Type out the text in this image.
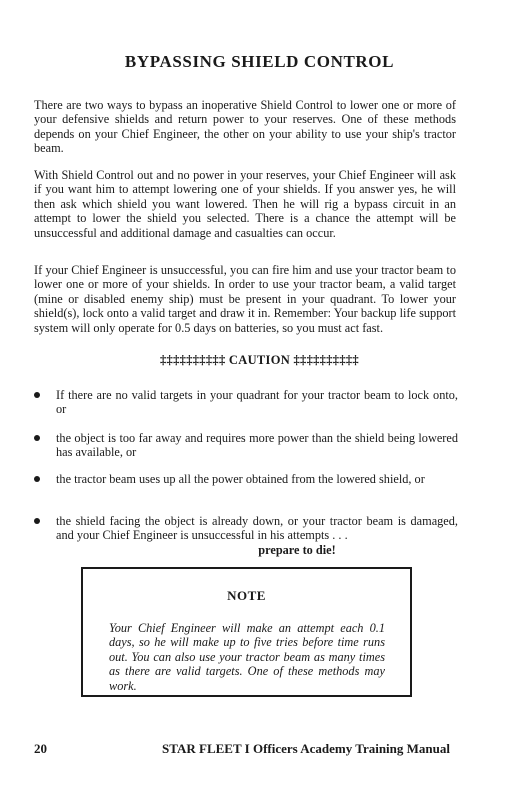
BYPASSING SHIELD CONTROL

There are two ways to bypass an inoperative Shield Control to lower one or more of your defensive shields and return power to your reserves. One of these methods depends on your Chief Engineer, the other on your ability to use your ship's tractor beam.

With Shield Control out and no power in your reserves, your Chief Engineer will ask if you want him to attempt lowering one of your shields. If you answer yes, he will then ask which shield you want lowered. Then he will rig a bypass circuit in an attempt to lower the shield you selected. There is a chance the attempt will be unsuccessful and additional damage and casualties can occur.

If your Chief Engineer is unsuccessful, you can fire him and use your tractor beam to lower one or more of your shields. In order to use your tractor beam, a valid target (mine or disabled enemy ship) must be present in your quadrant. To lower your shield(s), lock onto a valid target and draw it in. Remember: Your backup life support system will only operate for 0.5 days on batteries, so you must act fast.

‡‡‡‡‡‡‡‡‡‡ CAUTION ‡‡‡‡‡‡‡‡‡‡
If there are no valid targets in your quadrant for your tractor beam to lock onto, or
the object is too far away and requires more power than the shield being lowered has available, or
the tractor beam uses up all the power obtained from the lowered shield, or
the shield facing the object is already down, or your tractor beam is damaged, and your Chief Engineer is unsuccessful in his attempts . . .
prepare to die!
NOTE

Your Chief Engineer will make an attempt each 0.1 days, so he will make up to five tries before time runs out. You can also use your tractor beam as many times as there are valid targets. One of these methods may work.

20	STAR FLEET I Officers Academy Training Manual
